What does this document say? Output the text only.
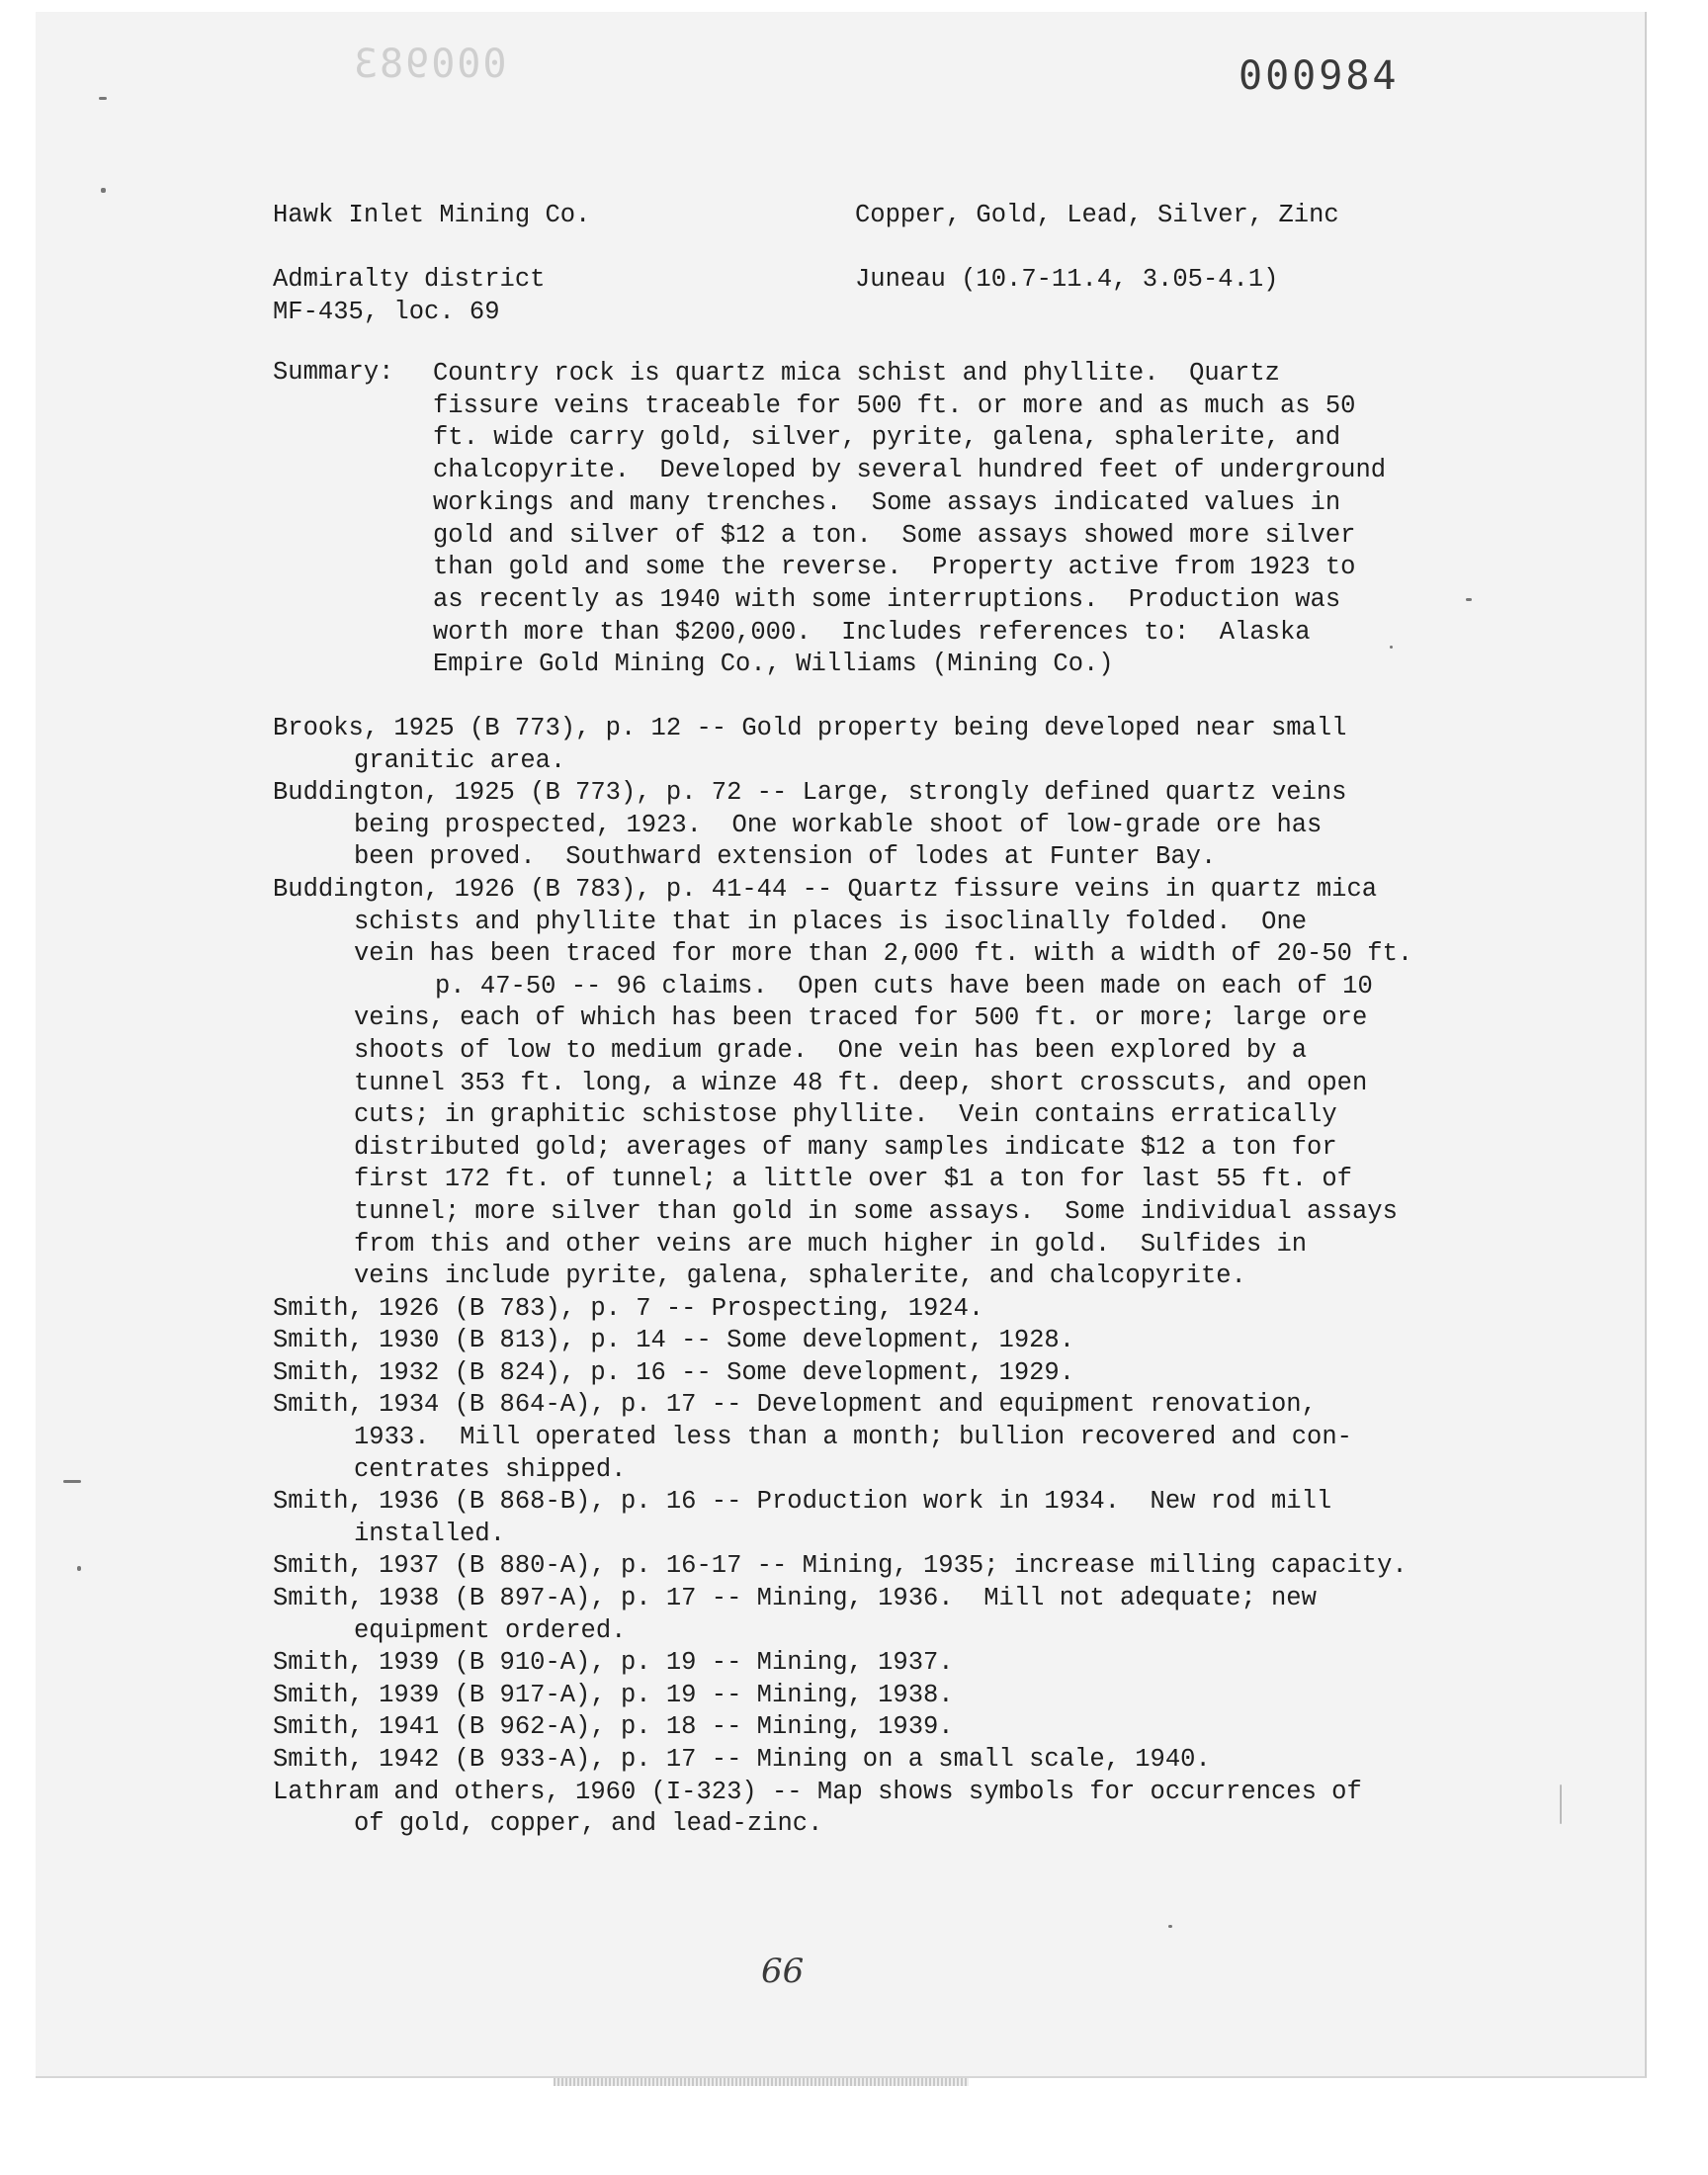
000983	000984
Hawk Inlet Mining Co.	Copper, Gold, Lead, Silver, Zinc
Admiralty district	Juneau (10.7-11.4, 3.05-4.1)
MF-435, loc. 69
Summary: Country rock is quartz mica schist and phyllite.  Quartz
fissure veins traceable for 500 ft. or more and as much as 50
ft. wide carry gold, silver, pyrite, galena, sphalerite, and
chalcopyrite.  Developed by several hundred feet of underground
workings and many trenches.  Some assays indicated values in
gold and silver of $12 a ton.  Some assays showed more silver
than gold and some the reverse.  Property active from 1923 to
as recently as 1940 with some interruptions.  Production was
worth more than $200,000.  Includes references to:  Alaska
Empire Gold Mining Co., Williams (Mining Co.)
Brooks, 1925 (B 773), p. 12 -- Gold property being developed near small
granitic area.
Buddington, 1925 (B 773), p. 72 -- Large, strongly defined quartz veins
being prospected, 1923.  One workable shoot of low-grade ore has
been proved.  Southward extension of lodes at Funter Bay.
Buddington, 1926 (B 783), p. 41-44 -- Quartz fissure veins in quartz mica
schists and phyllite that in places is isoclinally folded.  One
vein has been traced for more than 2,000 ft. with a width of 20-50 ft.
p. 47-50 -- 96 claims.  Open cuts have been made on each of 10
veins, each of which has been traced for 500 ft. or more; large ore
shoots of low to medium grade.  One vein has been explored by a
tunnel 353 ft. long, a winze 48 ft. deep, short crosscuts, and open
cuts; in graphitic schistose phyllite.  Vein contains erratically
distributed gold; averages of many samples indicate $12 a ton for
first 172 ft. of tunnel; a little over $1 a ton for last 55 ft. of
tunnel; more silver than gold in some assays.  Some individual assays
from this and other veins are much higher in gold.  Sulfides in
veins include pyrite, galena, sphalerite, and chalcopyrite.
Smith, 1926 (B 783), p. 7 -- Prospecting, 1924.
Smith, 1930 (B 813), p. 14 -- Some development, 1928.
Smith, 1932 (B 824), p. 16 -- Some development, 1929.
Smith, 1934 (B 864-A), p. 17 -- Development and equipment renovation,
1933.  Mill operated less than a month; bullion recovered and con-
centrates shipped.
Smith, 1936 (B 868-B), p. 16 -- Production work in 1934.  New rod mill
installed.
Smith, 1937 (B 880-A), p. 16-17 -- Mining, 1935; increase milling capacity.
Smith, 1938 (B 897-A), p. 17 -- Mining, 1936.  Mill not adequate; new
equipment ordered.
Smith, 1939 (B 910-A), p. 19 -- Mining, 1937.
Smith, 1939 (B 917-A), p. 19 -- Mining, 1938.
Smith, 1941 (B 962-A), p. 18 -- Mining, 1939.
Smith, 1942 (B 933-A), p. 17 -- Mining on a small scale, 1940.
Lathram and others, 1960 (I-323) -- Map shows symbols for occurrences of
of gold, copper, and lead-zinc.
66
